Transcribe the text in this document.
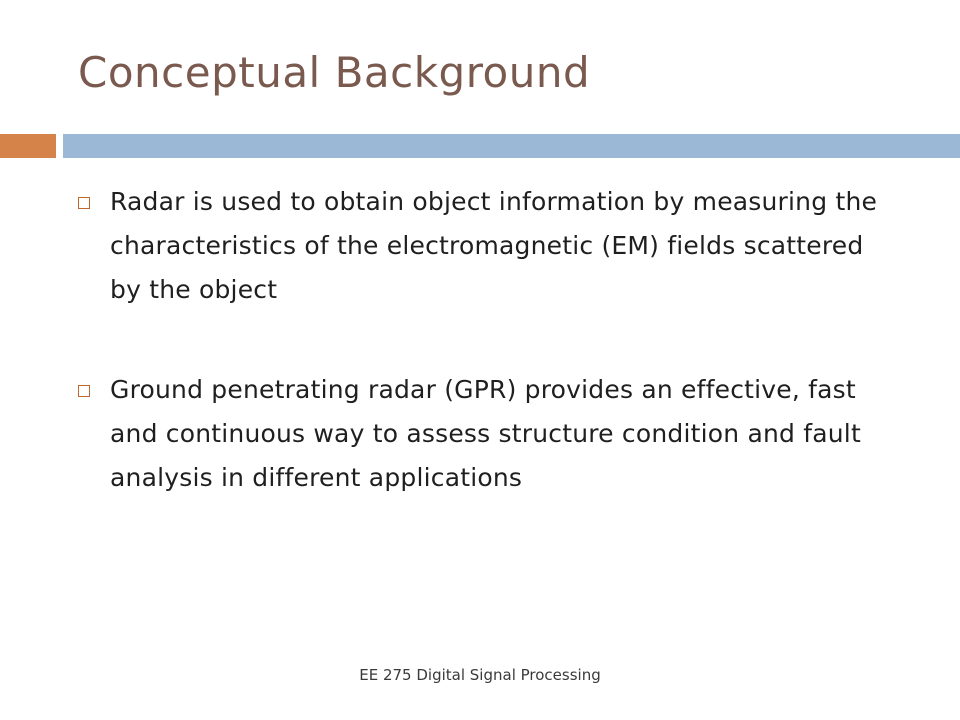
Conceptual Background
Radar is used to obtain object information by measuring the characteristics of the electromagnetic (EM) fields scattered by the object
Ground penetrating radar (GPR) provides an effective, fast and continuous way to assess structure condition and fault analysis in different applications
EE 275 Digital Signal Processing
